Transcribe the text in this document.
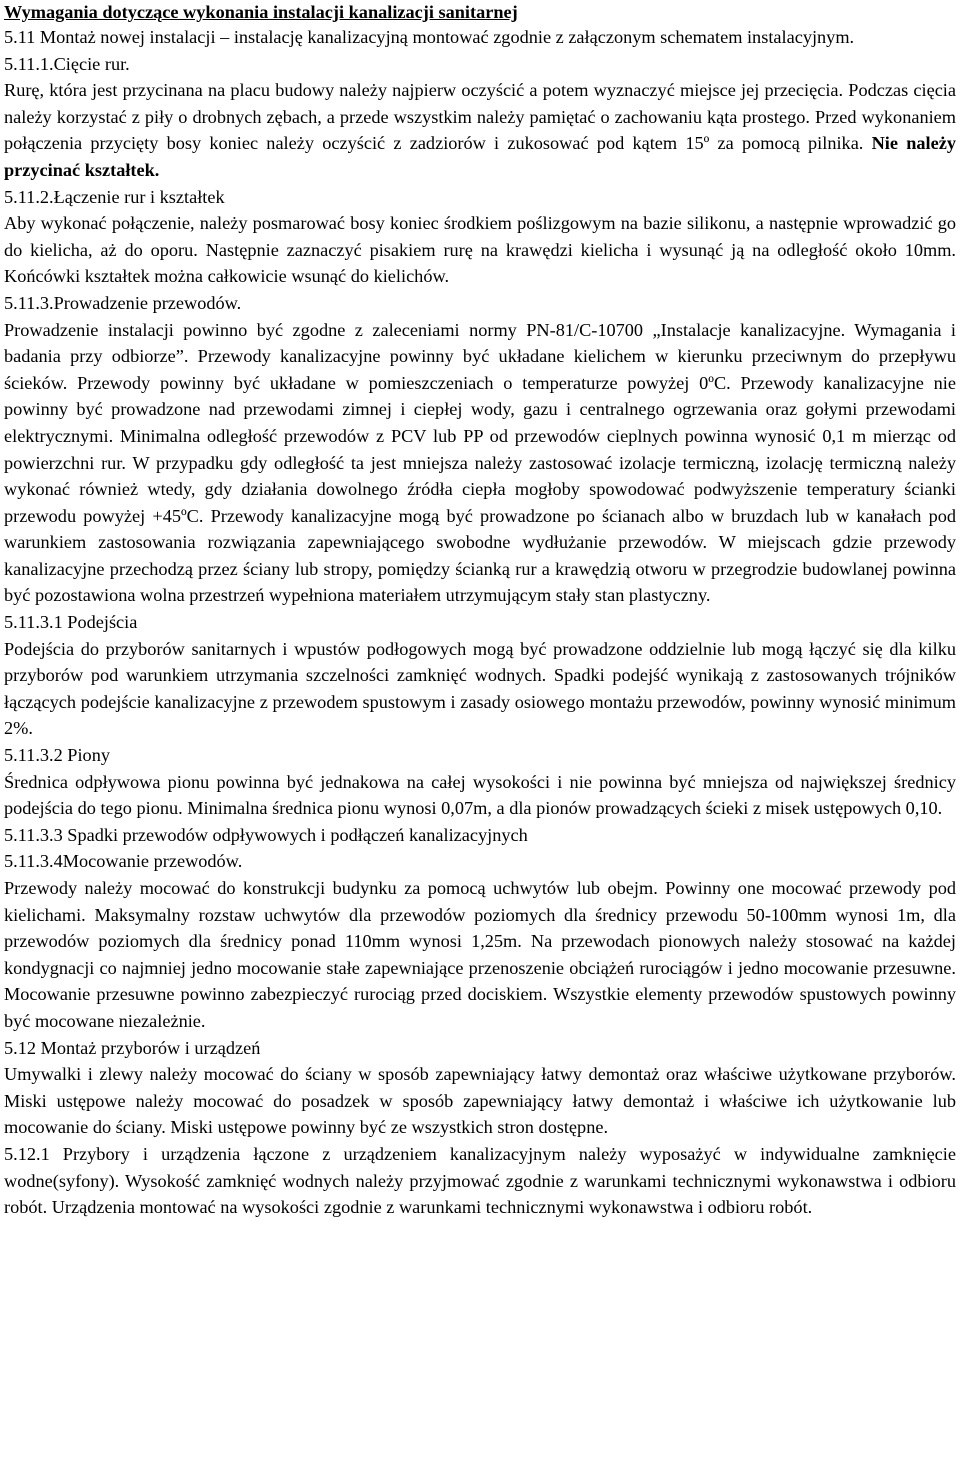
Wymagania dotyczące wykonania instalacji kanalizacji sanitarnej

5.11 Montaż nowej instalacji – instalację kanalizacyjną montować zgodnie z załączonym schematem instalacyjnym.

5.11.1.Cięcie rur.

Rurę, która jest przycinana na placu budowy należy najpierw oczyścić a potem wyznaczyć miejsce jej przecięcia. Podczas cięcia należy korzystać z piły o drobnych zębach, a przede wszystkim należy pamiętać o zachowaniu kąta prostego. Przed wykonaniem połączenia przycięty bosy koniec należy oczyścić z zadziorów i zukosować pod kątem 15º za pomocą pilnika. Nie należy przycinać kształtek.

5.11.2.Łączenie rur i kształtek

Aby wykonać połączenie, należy posmarować bosy koniec środkiem poślizgowym na bazie silikonu, a następnie wprowadzić go do kielicha, aż do oporu. Następnie zaznaczyć pisakiem rurę na krawędzi kielicha i wysunąć ją na odległość około 10mm. Końcówki kształtek można całkowicie wsunąć do kielichów.

5.11.3.Prowadzenie przewodów.

Prowadzenie instalacji powinno być zgodne z zaleceniami normy PN-81/C-10700 „Instalacje kanalizacyjne. Wymagania i badania przy odbiorze”. Przewody kanalizacyjne powinny być układane kielichem w kierunku przeciwnym do przepływu ścieków. Przewody powinny być układane w pomieszczeniach o temperaturze powyżej 0ºC. Przewody kanalizacyjne nie powinny być prowadzone nad przewodami zimnej i ciepłej wody, gazu i centralnego ogrzewania oraz gołymi przewodami elektrycznymi. Minimalna odległość przewodów z PCV lub PP od przewodów cieplnych powinna wynosić 0,1 m mierząc od powierzchni rur. W przypadku gdy odległość ta jest mniejsza należy zastosować izolacje termiczną, izolację termiczną należy wykonać również wtedy, gdy działania dowolnego źródła ciepła mogłoby spowodować podwyższenie temperatury ścianki przewodu powyżej +45ºC. Przewody kanalizacyjne mogą być prowadzone po ścianach albo w bruzdach lub w kanałach pod warunkiem zastosowania rozwiązania zapewniającego swobodne wydłużanie przewodów. W miejscach gdzie przewody kanalizacyjne przechodzą przez ściany lub stropy, pomiędzy ścianką rur a krawędzią otworu w przegrodzie budowlanej powinna być pozostawiona wolna przestrzeń wypełniona materiałem utrzymującym stały stan plastyczny.

5.11.3.1 Podejścia

Podejścia do przyborów sanitarnych i wpustów podłogowych mogą być prowadzone oddzielnie lub mogą łączyć się dla kilku przyborów pod warunkiem utrzymania szczelności zamknięć wodnych. Spadki podejść wynikają z zastosowanych trójników łączących podejście kanalizacyjne z przewodem spustowym i zasady osiowego montażu przewodów, powinny wynosić minimum 2%.

5.11.3.2 Piony

Średnica odpływowa pionu powinna być jednakowa na całej wysokości i nie powinna być mniejsza od największej średnicy podejścia do tego pionu. Minimalna średnica pionu wynosi 0,07m, a dla pionów prowadzących ścieki z misek ustępowych 0,10.

5.11.3.3 Spadki przewodów odpływowych i podłączeń kanalizacyjnych

5.11.3.4Mocowanie przewodów.

Przewody należy mocować do konstrukcji budynku za pomocą uchwytów lub obejm. Powinny one mocować przewody pod kielichami. Maksymalny rozstaw uchwytów dla przewodów poziomych dla średnicy przewodu 50-100mm wynosi 1m, dla przewodów poziomych dla średnicy ponad 110mm wynosi 1,25m. Na przewodach pionowych należy stosować na każdej kondygnacji co najmniej jedno mocowanie stałe zapewniające przenoszenie obciążeń rurociągów i jedno mocowanie przesuwne. Mocowanie przesuwne powinno zabezpieczyć rurociąg przed dociskiem. Wszystkie elementy przewodów spustowych powinny być mocowane niezależnie.

5.12 Montaż przyborów i urządzeń

Umywalki i zlewy należy mocować do ściany w sposób zapewniający łatwy demontaż oraz właściwe użytkowane przyborów. Miski ustępowe należy mocować do posadzek w sposób zapewniający łatwy demontaż i właściwe ich użytkowanie lub mocowanie do ściany. Miski ustępowe powinny być ze wszystkich stron dostępne.

5.12.1 Przybory i urządzenia łączone z urządzeniem kanalizacyjnym należy wyposażyć w indywidualne zamknięcie wodne(syfony). Wysokość zamknięć wodnych należy przyjmować zgodnie z warunkami technicznymi wykonawstwa i odbioru robót. Urządzenia montować na wysokości zgodnie z warunkami technicznymi wykonawstwa i odbioru robót.
